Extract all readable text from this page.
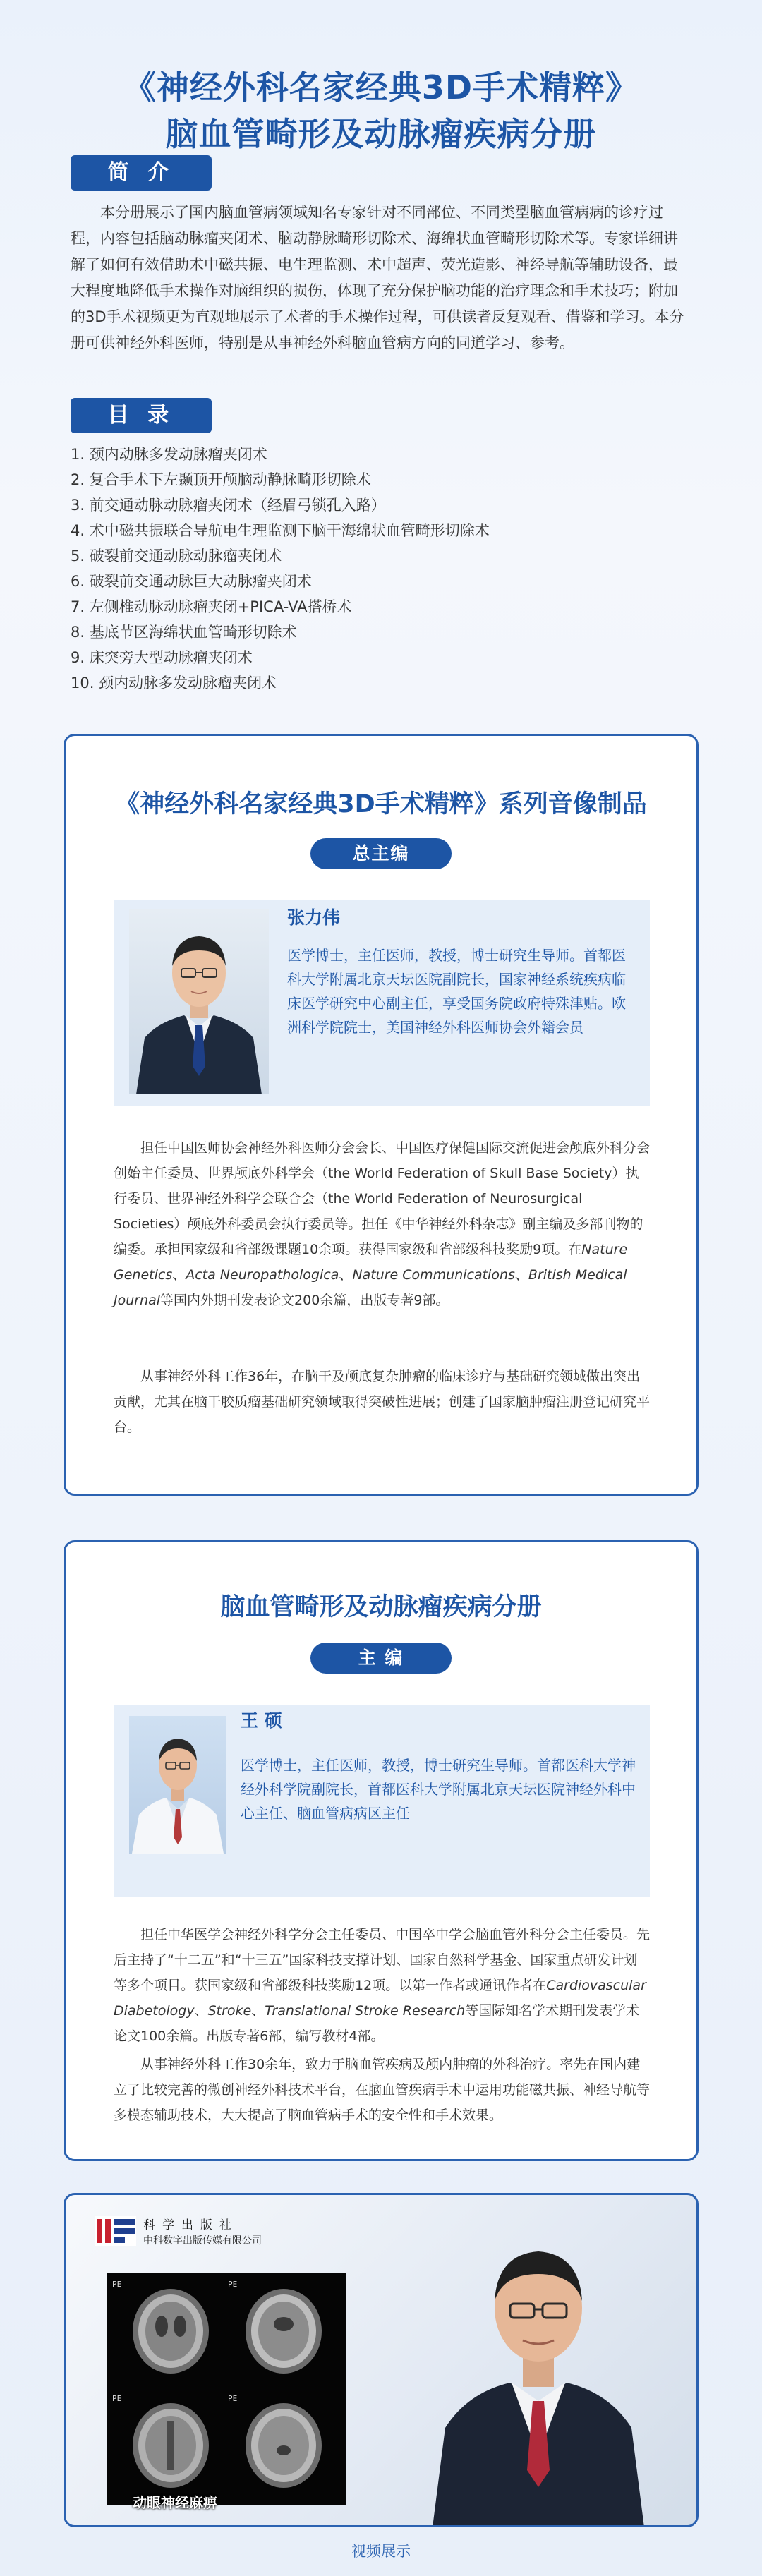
《神经外科名家经典3D手术精粹》
脑血管畸形及动脉瘤疾病分册
简 介

本分册展示了国内脑血管病领域知名专家针对不同部位、不同类型脑血管病病的诊疗过程，内容包括脑动脉瘤夹闭术、脑动静脉畸形切除术、海绵状血管畸形切除术等。专家详细讲解了如何有效借助术中磁共振、电生理监测、术中超声、荧光造影、神经导航等辅助设备，最大程度地降低手术操作对脑组织的损伤，体现了充分保护脑功能的治疗理念和手术技巧；附加的3D手术视频更为直观地展示了术者的手术操作过程，可供读者反复观看、借鉴和学习。本分册可供神经外科医师，特别是从事神经外科脑血管病方向的同道学习、参考。

目 录
1. 颈内动脉多发动脉瘤夹闭术
2. 复合手术下左颞顶开颅脑动静脉畸形切除术
3. 前交通动脉动脉瘤夹闭术（经眉弓锁孔入路）
4. 术中磁共振联合导航电生理监测下脑干海绵状血管畸形切除术
5. 破裂前交通动脉动脉瘤夹闭术
6. 破裂前交通动脉巨大动脉瘤夹闭术
7. 左侧椎动脉动脉瘤夹闭+PICA-VA搭桥术
8. 基底节区海绵状血管畸形切除术
9. 床突旁大型动脉瘤夹闭术
10. 颈内动脉多发动脉瘤夹闭术
《神经外科名家经典3D手术精粹》系列音像制品
总主编

张力伟

医学博士，主任医师，教授，博士研究生导师。首都医科大学附属北京天坛医院副院长，国家神经系统疾病临床医学研究中心副主任，享受国务院政府特殊津贴。欧洲科学院院士，美国神经外科医师协会外籍会员

担任中国医师协会神经外科医师分会会长、中国医疗保健国际交流促进会颅底外科分会创始主任委员、世界颅底外科学会（the World Federation of Skull Base Society）执行委员、世界神经外科学会联合会（the World Federation of Neurosurgical Societies）颅底外科委员会执行委员等。担任《中华神经外科杂志》副主编及多部刊物的编委。承担国家级和省部级课题10余项。获得国家级和省部级科技奖励9项。在Nature Genetics、Acta Neuropathologica、Nature Communications、British Medical Journal等国内外期刊发表论文200余篇，出版专著9部。

从事神经外科工作36年，在脑干及颅底复杂肿瘤的临床诊疗与基础研究领域做出突出贡献，尤其在脑干胶质瘤基础研究领域取得突破性进展；创建了国家脑肿瘤注册登记研究平台。

脑血管畸形及动脉瘤疾病分册
主 编

王 硕

医学博士，主任医师，教授，博士研究生导师。首都医科大学神经外科学院副院长，首都医科大学附属北京天坛医院神经外科中心主任、脑血管病病区主任

担任中华医学会神经外科学分会主任委员、中国卒中学会脑血管外科分会主任委员。先后主持了“十二五”和“十三五”国家科技支撑计划、国家自然科学基金、国家重点研发计划等多个项目。获国家级和省部级科技奖励12项。以第一作者或通讯作者在Cardiovascular Diabetology、Stroke、Translational Stroke Research等国际知名学术期刊发表学术论文100余篇。出版专著6部，编写教材4部。

从事神经外科工作30余年，致力于脑血管疾病及颅内肿瘤的外科治疗。率先在国内建立了比较完善的微创神经外科技术平台，在脑血管疾病手术中运用功能磁共振、神经导航等多模态辅助技术，大大提高了脑血管病手术的安全性和手术效果。

科学出版社
中科数字出版传媒有限公司
PE	PE
PE	PE
动眼神经麻痹
视频展示
